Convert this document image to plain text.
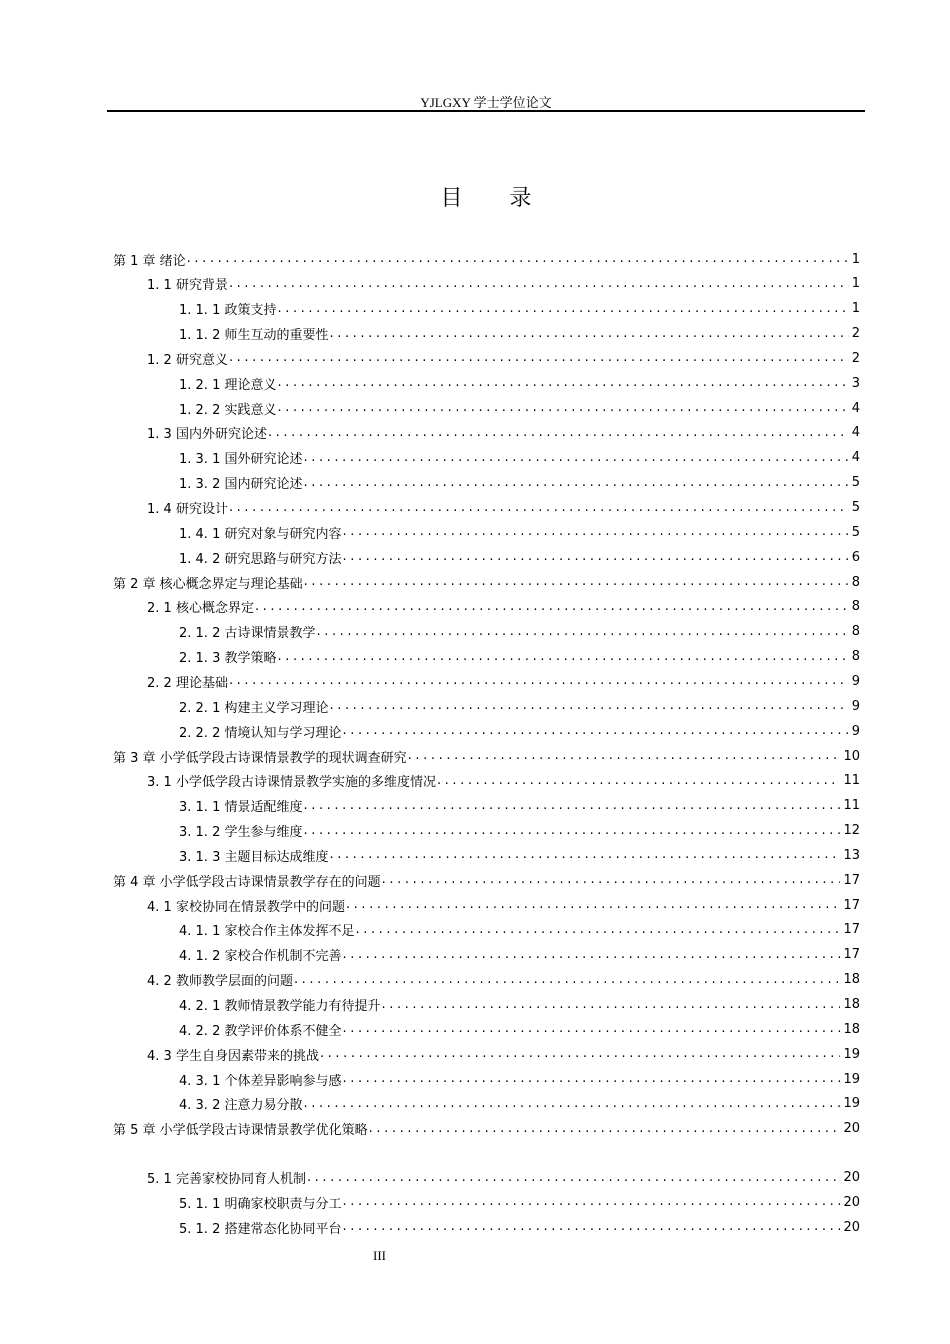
YJLGXY 学士学位论文
目 录
第 1 章 绪论 .....	1
1. 1 研究背景 .....	1
1. 1. 1 政策支持 .....	1
1. 1. 2 师生互动的重要性 .....	2
1. 2 研究意义 .....	2
1. 2. 1 理论意义 .....	3
1. 2. 2 实践意义 .....	4
1. 3 国内外研究论述 .....	4
1. 3. 1 国外研究论述 .....	4
1. 3. 2 国内研究论述 .....	5
1. 4 研究设计 .....	5
1. 4. 1 研究对象与研究内容 .....	5
1. 4. 2 研究思路与研究方法 .....	6
第 2 章 核心概念界定与理论基础 .....	8
2. 1 核心概念界定 .....	8
2. 1. 2 古诗课情景教学 .....	8
2. 1. 3 教学策略 .....	8
2. 2 理论基础 .....	9
2. 2. 1 构建主义学习理论 .....	9
2. 2. 2 情境认知与学习理论 .....	9
第 3 章 小学低学段古诗课情景教学的现状调查研究 .....	10
3. 1 小学低学段古诗课情景教学实施的多维度情况 .....	11
3. 1. 1 情景适配维度 .....	11
3. 1. 2 学生参与维度 .....	12
3. 1. 3 主题目标达成维度 .....	13
第 4 章 小学低学段古诗课情景教学存在的问题 .....	17
4. 1 家校协同在情景教学中的问题 .....	17
4. 1. 1 家校合作主体发挥不足 .....	17
4. 1. 2 家校合作机制不完善 .....	17
4. 2 教师教学层面的问题 .....	18
4. 2. 1 教师情景教学能力有待提升 .....	18
4. 2. 2 教学评价体系不健全 .....	18
4. 3 学生自身因素带来的挑战 .....	19
4. 3. 1 个体差异影响参与感 .....	19
4. 3. 2 注意力易分散 .....	19
第 5 章 小学低学段古诗课情景教学优化策略 .....	20
5. 1 完善家校协同育人机制 .....	20
5. 1. 1 明确家校职责与分工 .....	20
5. 1. 2 搭建常态化协同平台 .....	20
III
